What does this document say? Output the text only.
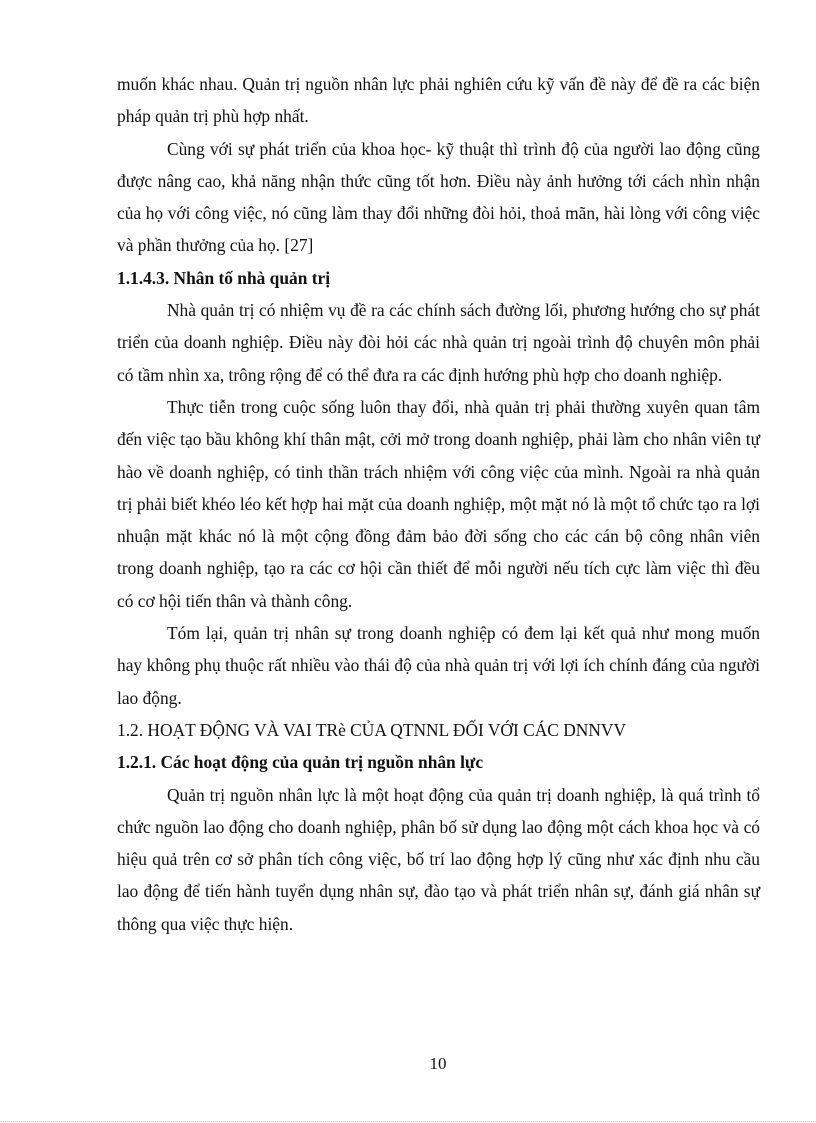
muốn khác nhau. Quản trị nguồn nhân lực phải nghiên cứu kỹ vấn đề này để đề ra các biện pháp quản trị phù hợp nhất.

Cùng với sự phát triển của khoa học- kỹ thuật thì trình độ của người lao động cũng được nâng cao, khả năng nhận thức cũng tốt hơn. Điều này ảnh hưởng tới cách nhìn nhận của họ với công việc, nó cũng làm thay đổi những đòi hỏi, thoả mãn, hài lòng với công việc và phần thưởng của họ. [27]

1.1.4.3. Nhân tố nhà quản trị

Nhà quản trị có nhiệm vụ đề ra các chính sách đường lối, phương hướng cho sự phát triển của doanh nghiệp. Điều này đòi hỏi các nhà quản trị ngoài trình độ chuyên môn phải có tầm nhìn xa, trông rộng để có thể đưa ra các định hướng phù hợp cho doanh nghiệp.

Thực tiễn trong cuộc sống luôn thay đổi, nhà quản trị phải thường xuyên quan tâm đến việc tạo bầu không khí thân mật, cởi mở trong doanh nghiệp, phải làm cho nhân viên tự hào về doanh nghiệp, có tinh thần trách nhiệm với công việc của mình. Ngoài ra nhà quản trị phải biết khéo léo kết hợp hai mặt của doanh nghiệp, một mặt nó là một tổ chức tạo ra lợi nhuận mặt khác nó là một cộng đồng đảm bảo đời sống cho các cán bộ công nhân viên trong doanh nghiệp, tạo ra các cơ hội cần thiết để mỗi người nếu tích cực làm việc thì đều có cơ hội tiến thân và thành công.

Tóm lại, quản trị nhân sự trong doanh nghiệp có đem lại kết quả như mong muốn hay không phụ thuộc rất nhiều vào thái độ của nhà quản trị với lợi ích chính đáng của người lao động.

1.2. HOẠT ĐỘNG VÀ VAI TRè CỦA QTNNL ĐỐI VỚI CÁC DNNVV

1.2.1. Các hoạt động của quản trị nguồn nhân lực

Quản trị nguồn nhân lực là một hoạt động của quản trị doanh nghiệp, là quá trình tổ chức nguồn lao động cho doanh nghiệp, phân bố sử dụng lao động một cách khoa học và có hiệu quả trên cơ sở phân tích công việc, bố trí lao động hợp lý cũng như xác định nhu cầu lao động để tiến hành tuyển dụng nhân sự, đào tạo và phát triển nhân sự, đánh giá nhân sự thông qua việc thực hiện.

10
